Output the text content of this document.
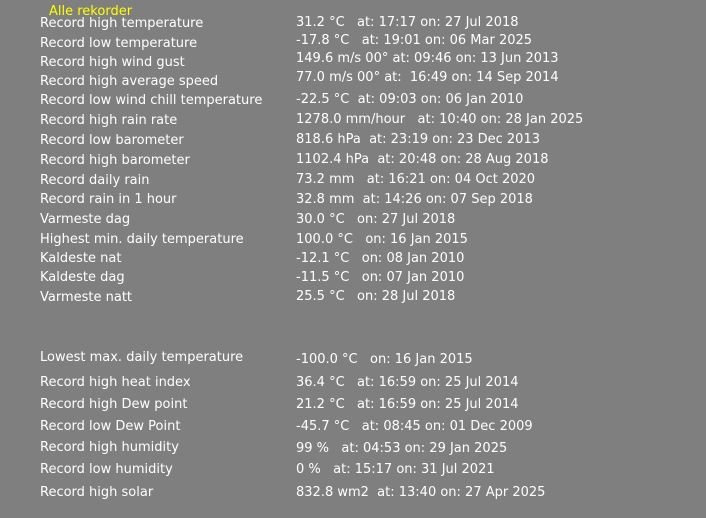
Alle rekorder
Record high temperature	31.2 °C   at: 17:17 on: 27 Jul 2018
Record low temperature	-17.8 °C   at: 19:01 on: 06 Mar 2025
Record high wind gust	149.6 m/s 00° at: 09:46 on: 13 Jun 2013
Record high average speed	77.0 m/s 00° at:  16:49 on: 14 Sep 2014
Record low wind chill temperature	-22.5 °C  at: 09:03 on: 06 Jan 2010
Record high rain rate	1278.0 mm/hour   at: 10:40 on: 28 Jan 2025
Record low barometer	818.6 hPa  at: 23:19 on: 23 Dec 2013
Record high barometer	1102.4 hPa  at: 20:48 on: 28 Aug 2018
Record daily rain	73.2 mm   at: 16:21 on: 04 Oct 2020
Record rain in 1 hour	32.8 mm  at: 14:26 on: 07 Sep 2018
Varmeste dag	30.0 °C   on: 27 Jul 2018
Highest min. daily temperature	100.0 °C   on: 16 Jan 2015
Kaldeste nat	-12.1 °C   on: 08 Jan 2010
Kaldeste dag	-11.5 °C   on: 07 Jan 2010
Varmeste natt	25.5 °C   on: 28 Jul 2018
Lowest max. daily temperature	-100.0 °C   on: 16 Jan 2015
Record high heat index	36.4 °C   at: 16:59 on: 25 Jul 2014
Record high Dew point	21.2 °C   at: 16:59 on: 25 Jul 2014
Record low Dew Point	-45.7 °C   at: 08:45 on: 01 Dec 2009
Record high humidity	99 %   at: 04:53 on: 29 Jan 2025
Record low humidity	0 %   at: 15:17 on: 31 Jul 2021
Record high solar	832.8 wm2  at: 13:40 on: 27 Apr 2025
